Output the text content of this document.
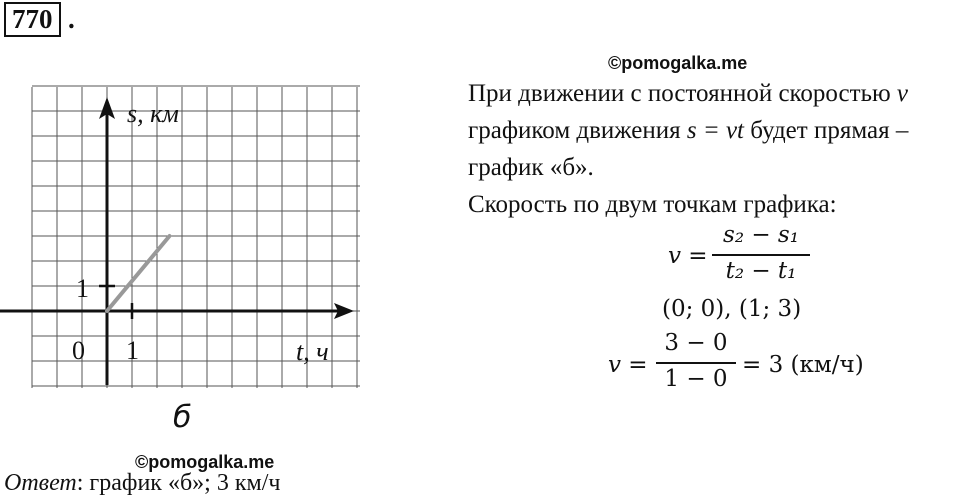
770 .
©pomogalka.me
s, км
t, ч
1
1
0
б
При движении с постоянной скоростью v
графиком движения s = vt будет прямая –
график «б».
Скорость по двум точкам графика:
v =
s₂ − s₁
t₂ − t₁
(0; 0), (1; 3)
v =
3 − 0
1 − 0
= 3 (км/ч)
©pomogalka.me
Ответ: график «б»; 3 км/ч
